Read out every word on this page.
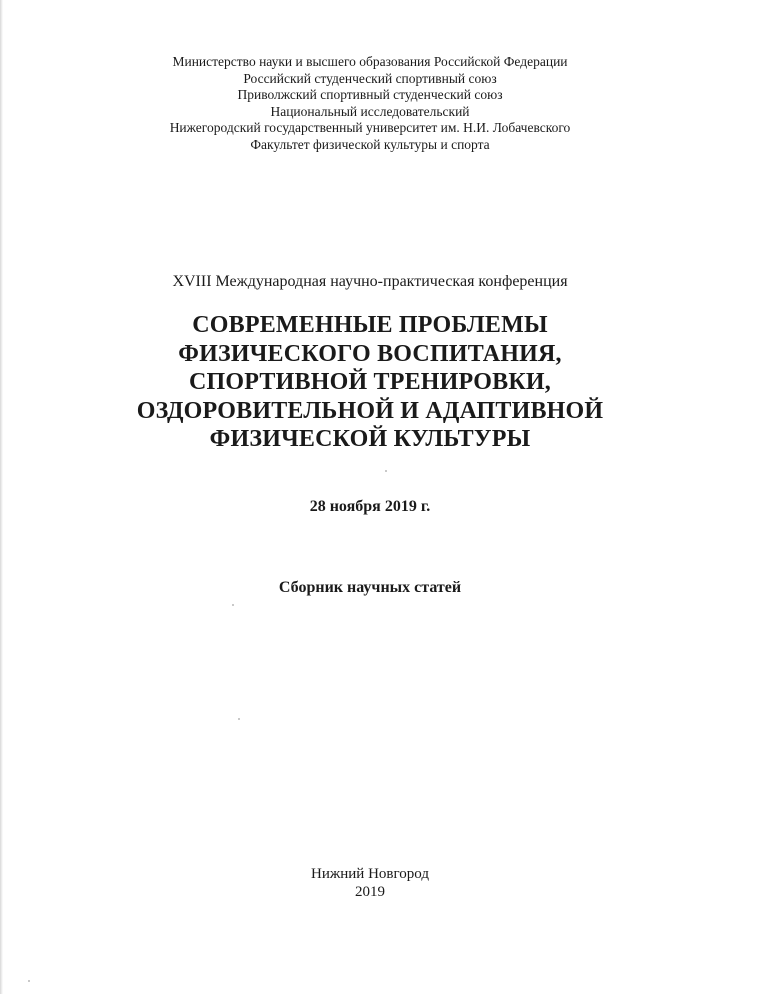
Министерство науки и высшего образования Российской Федерации
Российский студенческий спортивный союз
Приволжский спортивный студенческий союз
Национальный исследовательский
Нижегородский государственный университет им. Н.И. Лобачевского
Факультет физической культуры и спорта
XVIII Международная научно-практическая конференция
СОВРЕМЕННЫЕ ПРОБЛЕМЫ
ФИЗИЧЕСКОГО ВОСПИТАНИЯ,
СПОРТИВНОЙ ТРЕНИРОВКИ,
ОЗДОРОВИТЕЛЬНОЙ И АДАПТИВНОЙ
ФИЗИЧЕСКОЙ КУЛЬТУРЫ
28 ноября 2019 г.
Сборник научных статей
Нижний Новгород
2019
